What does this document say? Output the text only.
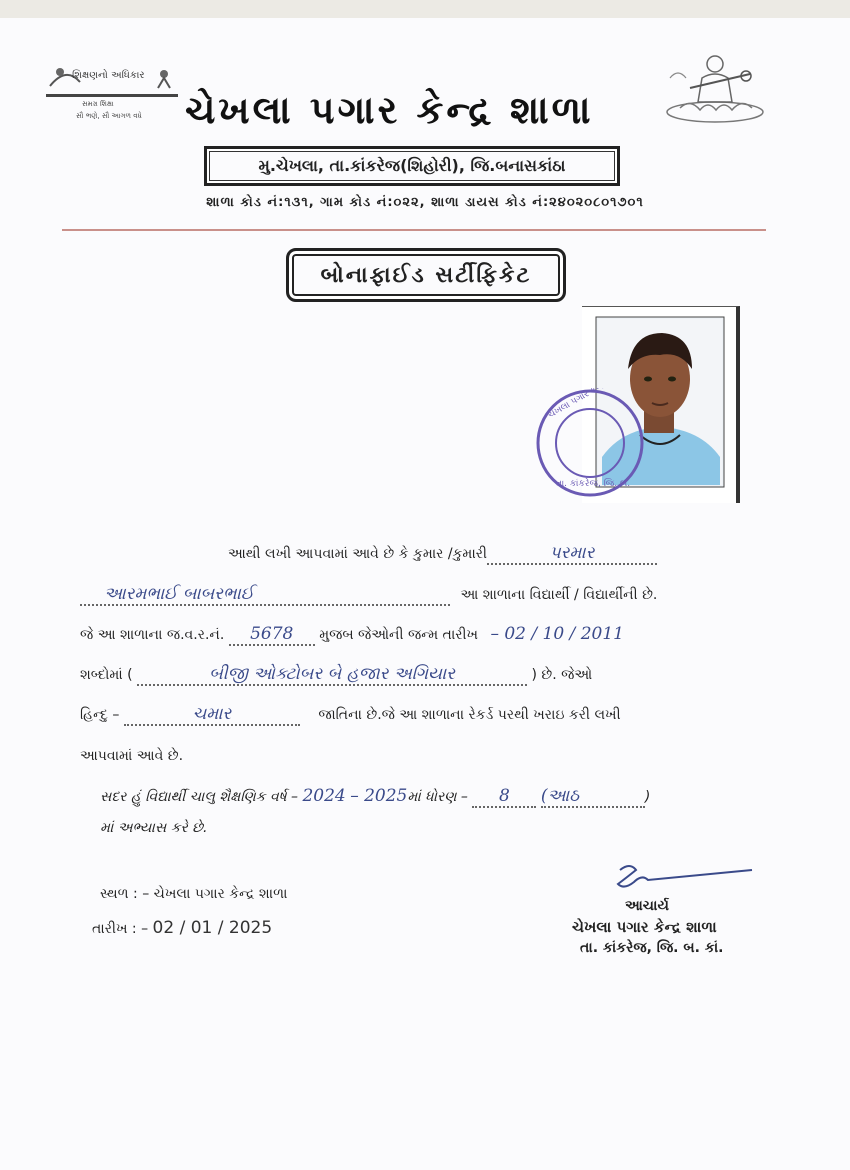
શિક્ષણનો અધિકાર
સમગ્ર શિક્ષા
સૌ ભણે, સૌ આગળ વધે ચેખલા પગાર કેન્દ્ર શાળા
મુ.ચેખલા, તા.કાંકરેજ(શિહોરી), જિ.બનાસકાંઠા
શાળા કોડ નં:૧૩૧, ગામ કોડ નં:૦૨૨, શાળા ડાયસ કોડ નં:૨૪૦૨૦૮૦૧૭૦૧
બોનાફાઈડ સર્ટીફિકેટ
ચેખલા પગાર કેન્દ્ર શાળા
તા. કાંકરેજ, જિ. બ.
આથી લખી આપવામાં આવે છે કે કુમાર /કુમારી	પરમાર
આરમભાઈ બાબરભાઈ	આ શાળાના વિદ્યાર્થી / વિદ્યાર્થીની છે.
જે આ શાળાના જ.વ.ર.નં. 5678 મુજબ જેઓની જન્મ તારીખ – 02 / 10 / 2011
શબ્દોમાં (	બીજી ઓક્ટોબર બે હજાર અગિયાર	) છે. જેઓ
હિન્દુ –	ચમાર	જાતિના છે.જે આ શાળાના રેકર્ડ પરથી ખરાઇ કરી લખી
આપવામાં આવે છે.
સદર હું વિદ્યાર્થી ચાલુ શૈક્ષણિક વર્ષ – 2024 – 2025માં ધોરણ – 8 (આઠ	)
માં અભ્યાસ કરે છે.
સ્થળ : – ચેખલા પગાર કેન્દ્ર શાળા
તારીખ : – 02 / 01 / 2025
આચાર્ય
ચેખલા પગાર કેન્દ્ર શાળા
તા. કાંકરેજ, જિ. બ. કાં.
